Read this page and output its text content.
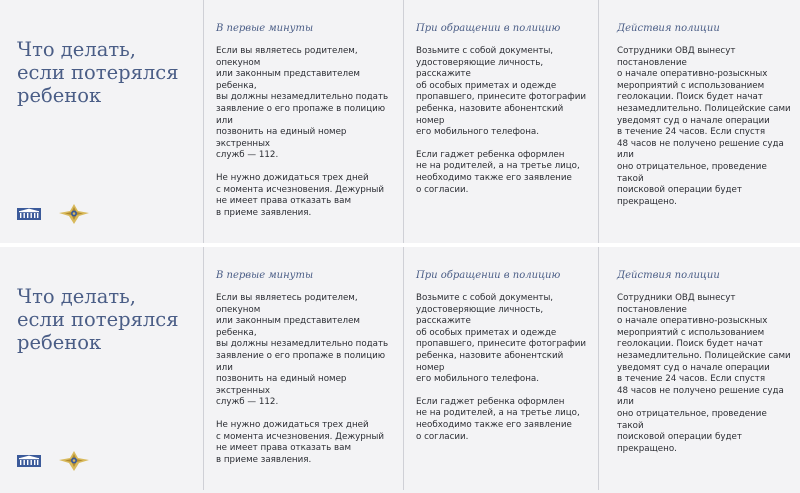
Что делать,
если потерялся
ребенок

В первые минуты

Если вы являетесь родителем, опекуном
или законным представителем ребенка,
вы должны незамедлительно подать
заявление о его пропаже в полицию или
позвонить на единый номер экстренных
служб — 112.

Не нужно дожидаться трех дней
с момента исчезновения. Дежурный
не имеет права отказать вам
в приеме заявления.

При обращении в полицию

Возьмите с собой документы,
удостоверяющие личность, расскажите
об особых приметах и одежде
пропавшего, принесите фотографии
ребенка, назовите абонентский номер
его мобильного телефона.

Если гаджет ребенка оформлен
не на родителей, а на третье лицо,
необходимо также его заявление
о согласии.

Действия полиции

Сотрудники ОВД вынесут постановление
о начале оперативно-розыскных
мероприятий с использованием
геолокации. Поиск будет начат
незамедлительно. Полицейские сами
уведомят суд о начале операции
в течение 24 часов. Если спустя
48 часов не получено решение суда или
оно отрицательное, проведение такой
поисковой операции будет прекращено.

Что делать,
если потерялся
ребенок

В первые минуты

Если вы являетесь родителем, опекуном
или законным представителем ребенка,
вы должны незамедлительно подать
заявление о его пропаже в полицию или
позвонить на единый номер экстренных
служб — 112.

Не нужно дожидаться трех дней
с момента исчезновения. Дежурный
не имеет права отказать вам
в приеме заявления.

При обращении в полицию

Возьмите с собой документы,
удостоверяющие личность, расскажите
об особых приметах и одежде
пропавшего, принесите фотографии
ребенка, назовите абонентский номер
его мобильного телефона.

Если гаджет ребенка оформлен
не на родителей, а на третье лицо,
необходимо также его заявление
о согласии.

Действия полиции

Сотрудники ОВД вынесут постановление
о начале оперативно-розыскных
мероприятий с использованием
геолокации. Поиск будет начат
незамедлительно. Полицейские сами
уведомят суд о начале операции
в течение 24 часов. Если спустя
48 часов не получено решение суда или
оно отрицательное, проведение такой
поисковой операции будет прекращено.
